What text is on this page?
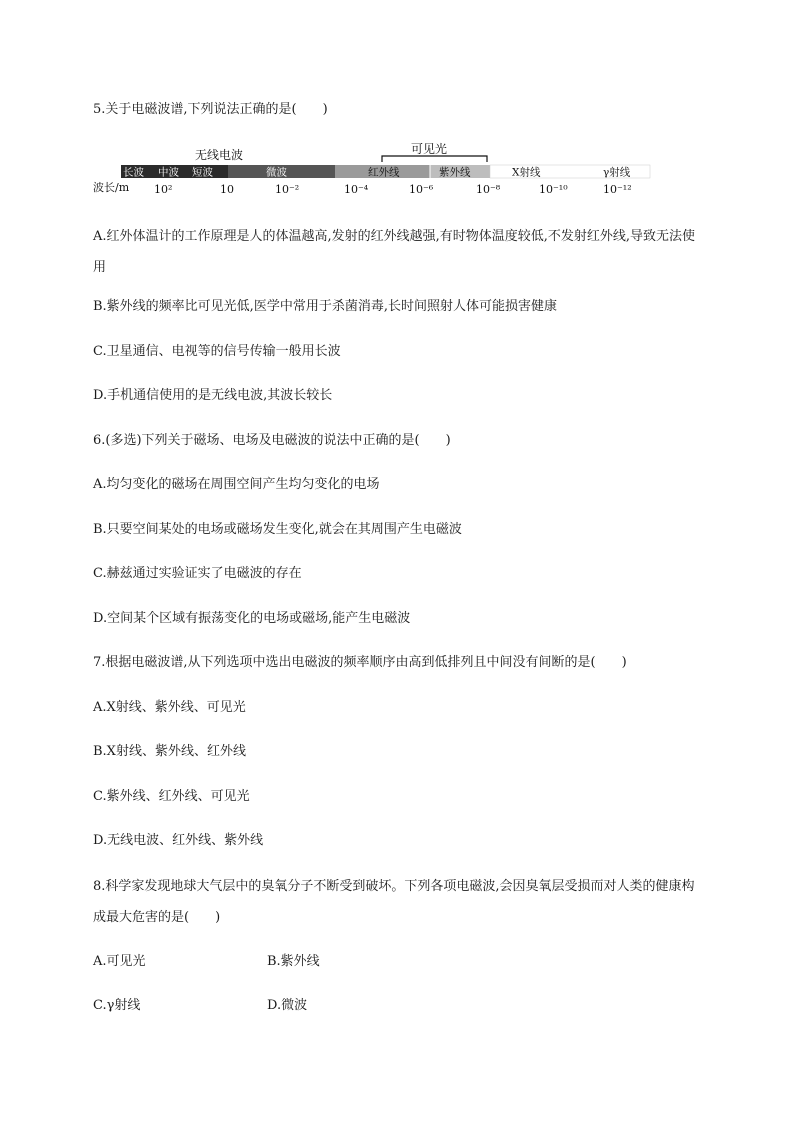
5.关于电磁波谱,下列说法正确的是(　　)
无线电波	可见光
长波 中波 短波	微波	红外线	紫外线	X射线	γ射线
波长/m 10²	10	10⁻²	10⁻⁴	10⁻⁶	10⁻⁸	10⁻¹⁰	10⁻¹²
A.红外体温计的工作原理是人的体温越高,发射的红外线越强,有时物体温度较低,不发射红外线,导致无法使用
B.紫外线的频率比可见光低,医学中常用于杀菌消毒,长时间照射人体可能损害健康
C.卫星通信、电视等的信号传输一般用长波
D.手机通信使用的是无线电波,其波长较长
6.(多选)下列关于磁场、电场及电磁波的说法中正确的是(　　)
A.均匀变化的磁场在周围空间产生均匀变化的电场
B.只要空间某处的电场或磁场发生变化,就会在其周围产生电磁波
C.赫兹通过实验证实了电磁波的存在
D.空间某个区域有振荡变化的电场或磁场,能产生电磁波
7.根据电磁波谱,从下列选项中选出电磁波的频率顺序由高到低排列且中间没有间断的是(　　)
A.X射线、紫外线、可见光
B.X射线、紫外线、红外线
C.紫外线、红外线、可见光
D.无线电波、红外线、紫外线
8.科学家发现地球大气层中的臭氧分子不断受到破坏。下列各项电磁波,会因臭氧层受损而对人类的健康构成最大危害的是(　　)
A.可见光	B.紫外线
C.γ射线	D.微波
